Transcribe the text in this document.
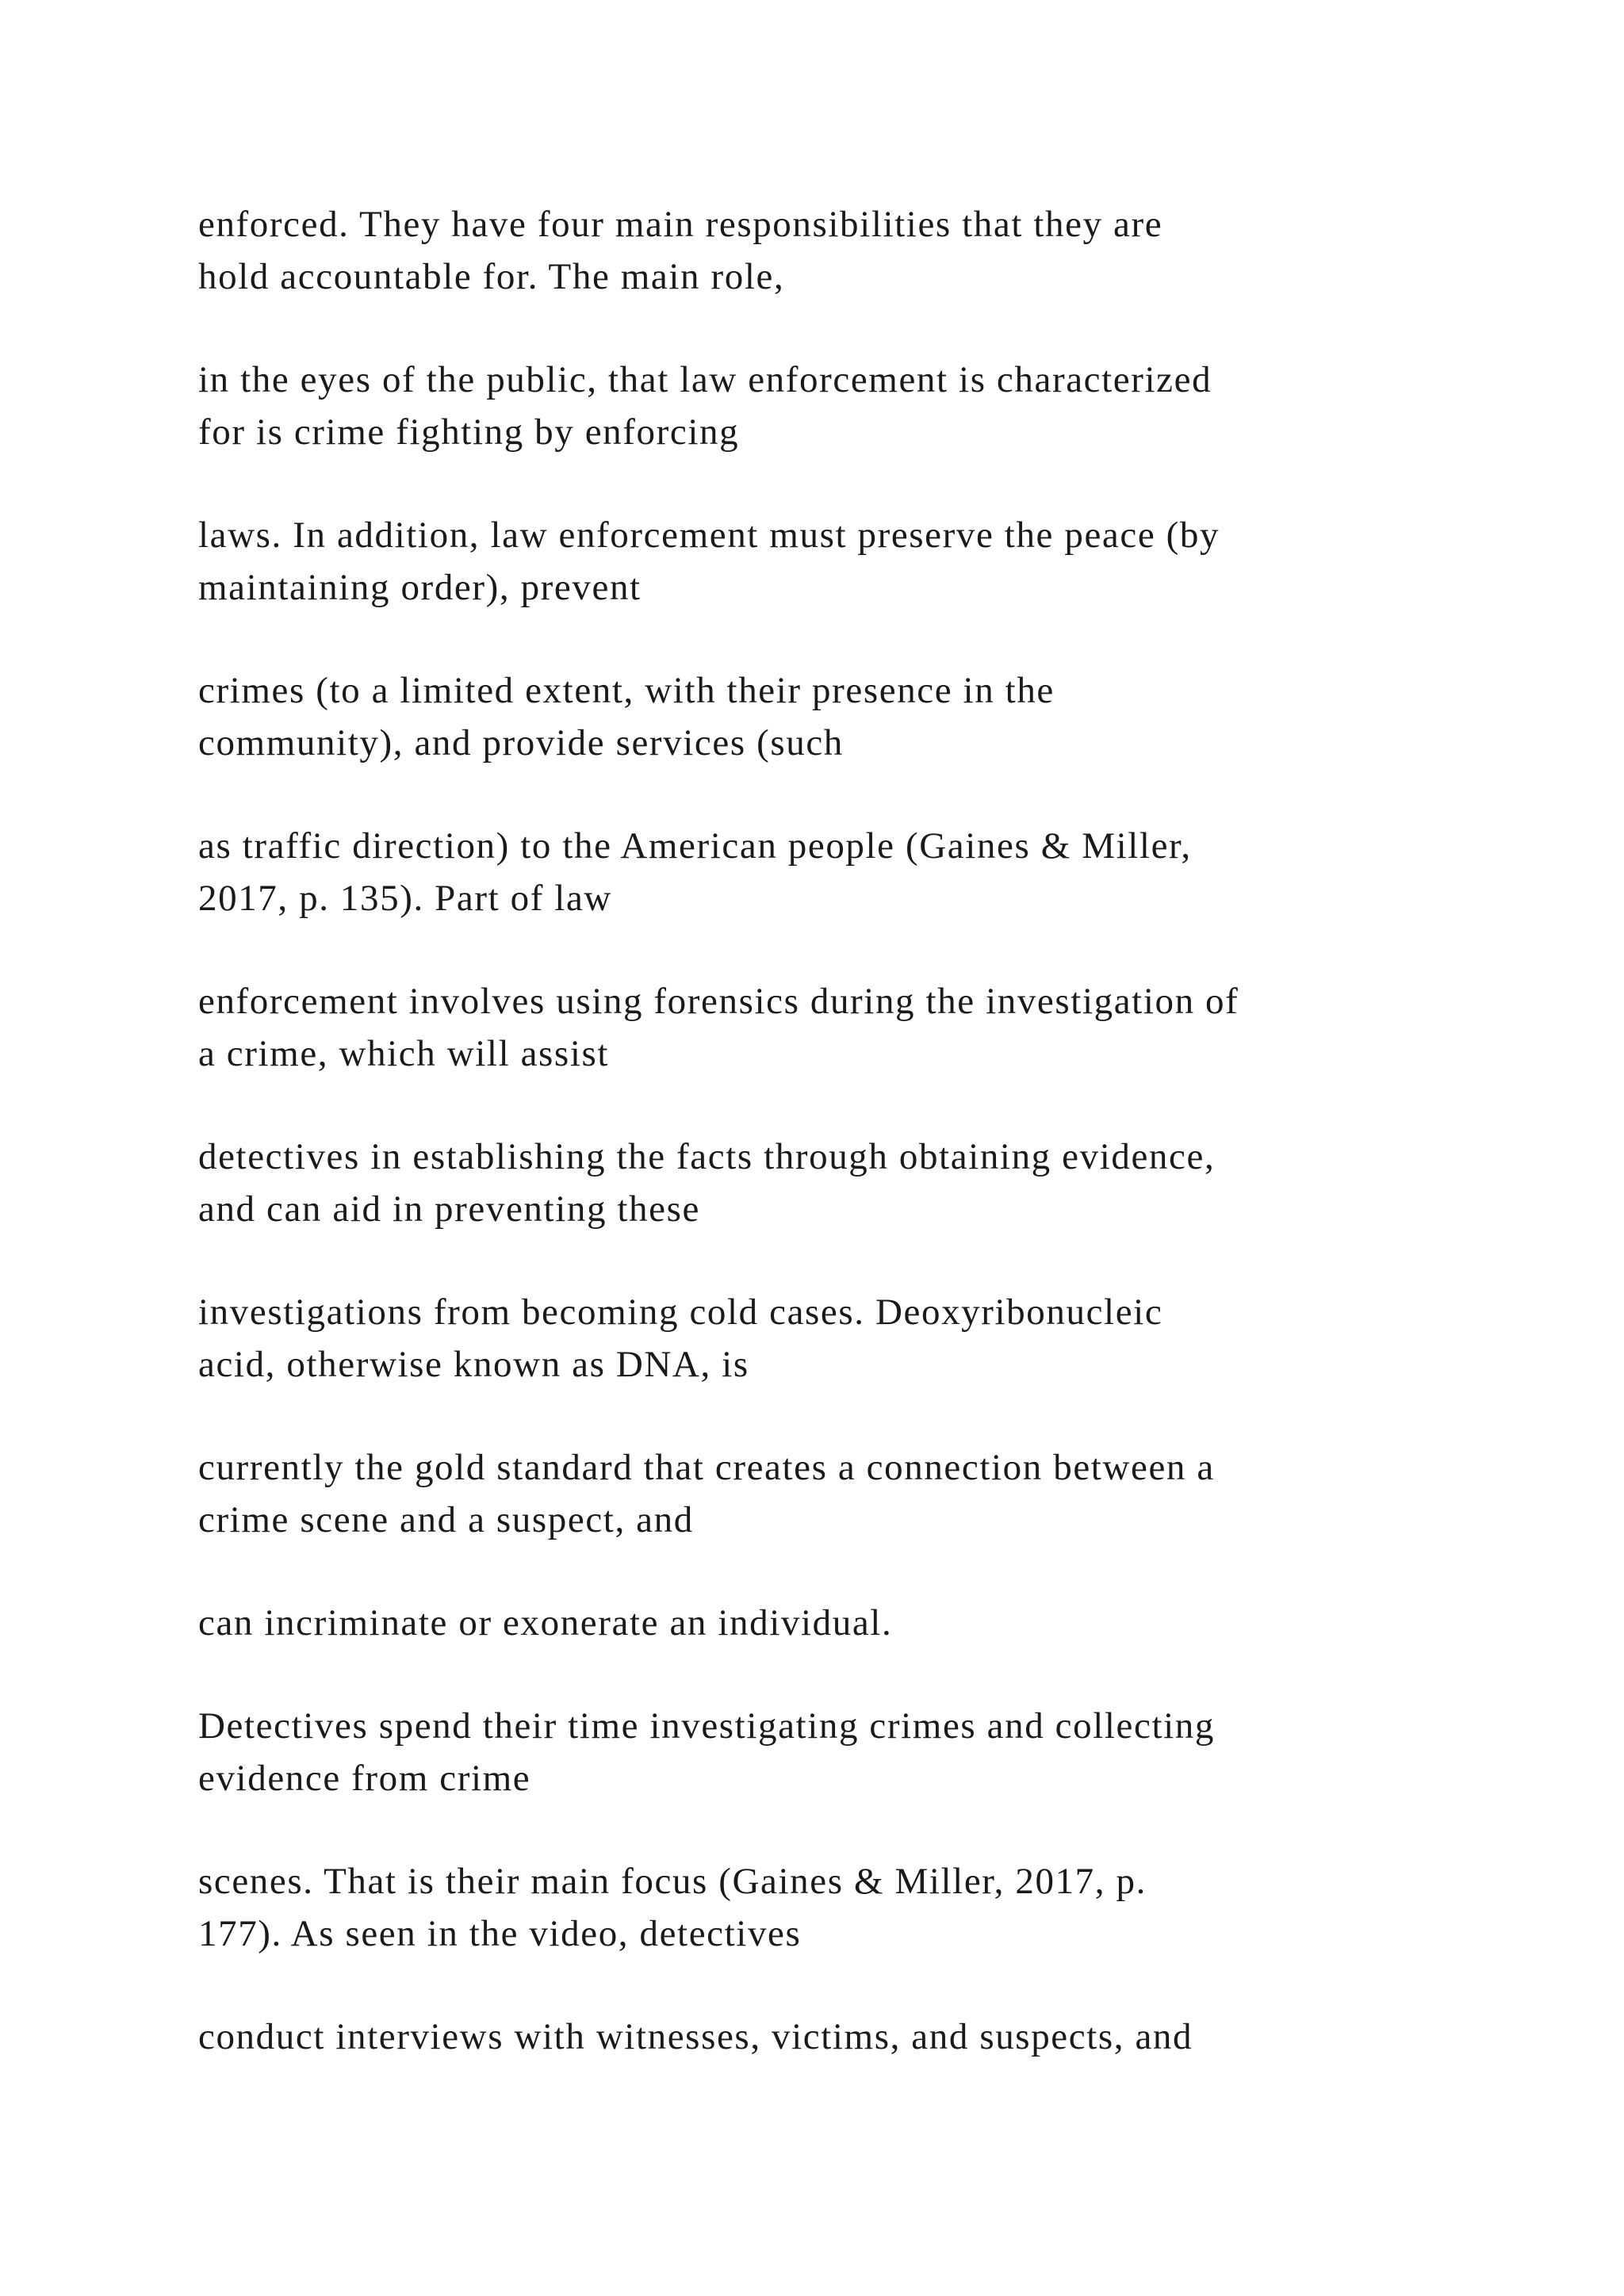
enforced. They have four main responsibilities that they are
hold accountable for. The main role,

in the eyes of the public, that law enforcement is characterized
for is crime fighting by enforcing

laws. In addition, law enforcement must preserve the peace (by
maintaining order), prevent

crimes (to a limited extent, with their presence in the
community), and provide services (such

as traffic direction) to the American people (Gaines & Miller,
2017, p. 135). Part of law

enforcement involves using forensics during the investigation of
a crime, which will assist

detectives in establishing the facts through obtaining evidence,
and can aid in preventing these

investigations from becoming cold cases. Deoxyribonucleic
acid, otherwise known as DNA, is

currently the gold standard that creates a connection between a
crime scene and a suspect, and

can incriminate or exonerate an individual.

Detectives spend their time investigating crimes and collecting
evidence from crime

scenes. That is their main focus (Gaines & Miller, 2017, p.
177). As seen in the video, detectives

conduct interviews with witnesses, victims, and suspects, and
